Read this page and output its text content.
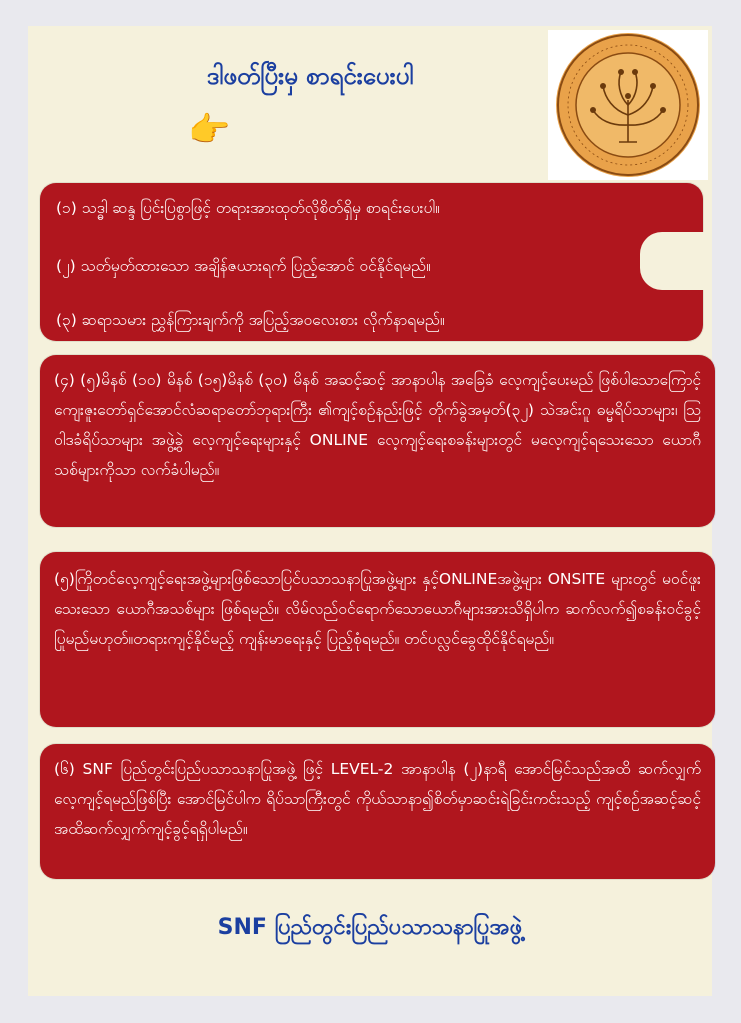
ဒါဖတ်ပြီးမှ စာရင်းပေးပါ
👉

(၁) သဒ္ဓါ ဆန္ဒ ပြင်းပြစွာဖြင့် တရားအားထုတ်လိုစိတ်ရှိမှ စာရင်းပေးပါ။

(၂) သတ်မှတ်ထားသော အချိန်ဇယားရက် ပြည့်အောင် ဝင်နိုင်ရမည်။

(၃) ဆရာသမား ညွှန်ကြားချက်ကို အပြည့်အဝလေးစား လိုက်နာရမည်။

(၄) (၅)မိနစ် (၁၀) မိနစ် (၁၅)မိနစ် (၃၀) မိနစ် အဆင့်ဆင့် အာနာပါန အခြေခံ လေ့ကျင့်ပေးမည် ဖြစ်ပါသောကြောင့် ကျေးဇူးတော်ရှင်အောင်လံဆရာတော်ဘုရားကြီး ၏ကျင့်စဉ်နည်းဖြင့် တိုက်ခွဲအမှတ်(၃၂) သဲအင်းဂူ ဓမ္မရိပ်သာများ၊ သြဝါဒခံရိပ်သာများ အဖွဲ့ခွဲ လေ့ကျင့်ရေးများနှင့် ONLINE လေ့ကျင့်ရေးစခန်းများတွင် မလေ့ကျင့်ရသေးသော ယောဂီသစ်များကိုသာ လက်ခံပါမည်။

(၅)ကြိုတင်လေ့ကျင့်ရေးအဖွဲ့များဖြစ်သောပြင်ပသာသနာပြုအဖွဲ့များ နှင့်ONLINEအဖွဲ့များ ONSITE များတွင် မဝင်ဖူးသေးသော ယောဂီအသစ်များ ဖြစ်ရမည်။ လိမ်လည်ဝင်ရောက်သောယောဂီများအားသိရှိပါက ဆက်လက်၍စခန်းဝင်ခွင့်ပြုမည်မဟုတ်။တရားကျင့်နိုင်မည့် ကျန်းမာရေးနှင့် ပြည့်စုံရမည်။ တင်ပလ္လင်ခွေထိုင်နိုင်ရမည်။

(၆) SNF ပြည်တွင်းပြည်ပသာသနာပြုအဖွဲ့ ဖြင့် LEVEL-2 အာနာပါန (၂)နာရီ အောင်မြင်သည်အထိ ဆက်လျှက်လေ့ကျင့်ရမည်ဖြစ်ပြီး အောင်မြင်ပါက ရိပ်သာကြီးတွင် ကိုယ်သာနာ၍စိတ်မှာဆင်းရဲခြင်းကင်းသည့် ကျင့်စဉ်အဆင့်ဆင့်အထိဆက်လျှက်ကျင့်ခွင့်ရရှိပါမည်။

SNF ပြည်တွင်းပြည်ပသာသနာပြုအဖွဲ့
